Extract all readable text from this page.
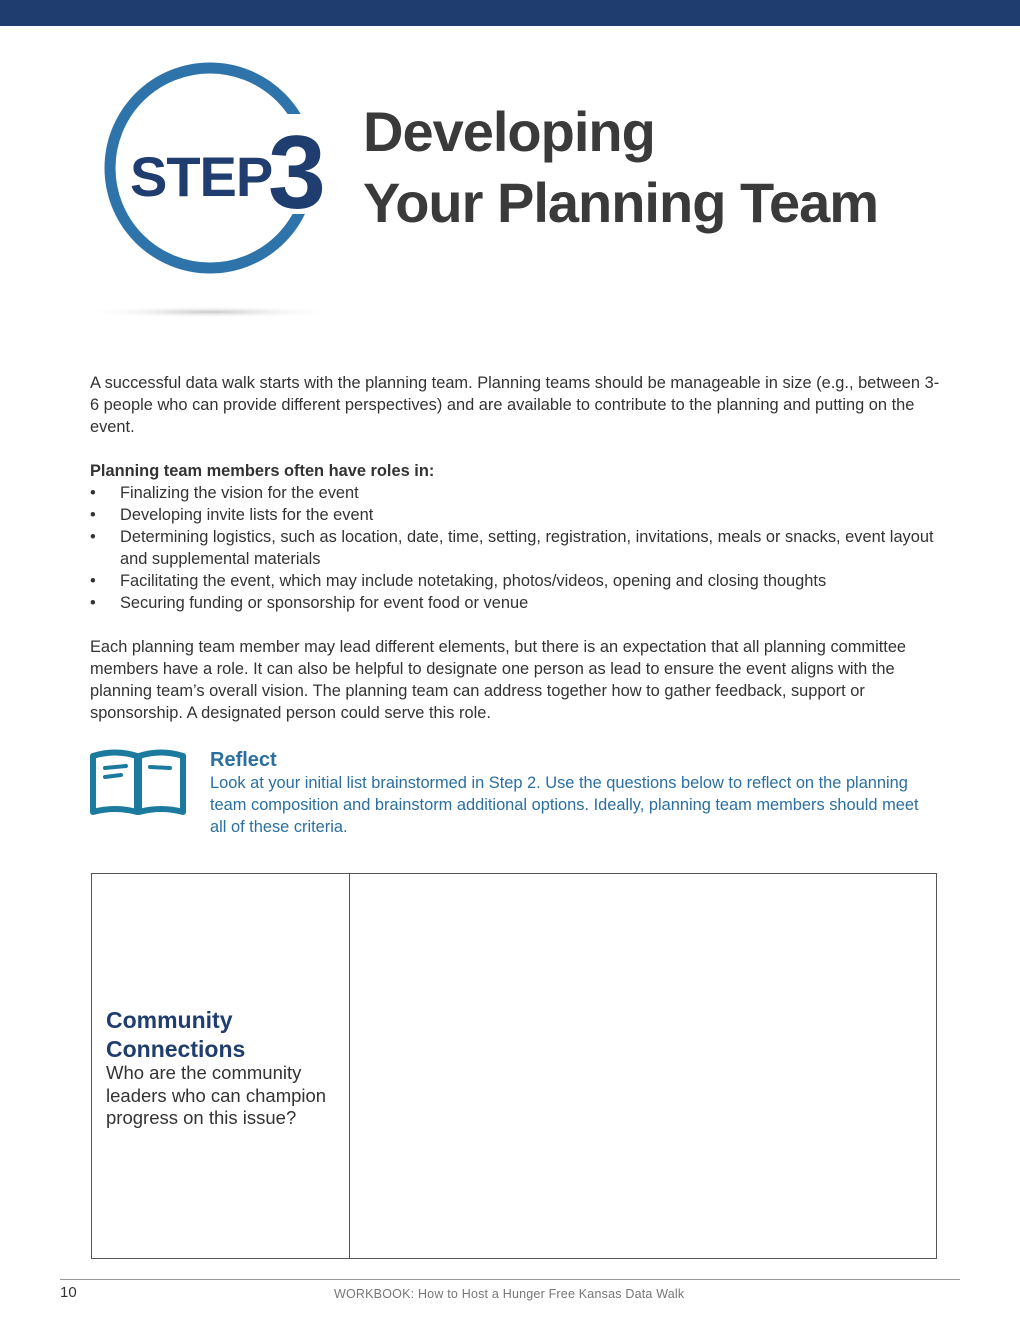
STEP
3 Developing
Your Planning Team
A successful data walk starts with the planning team. Planning teams should be manageable in size (e.g., between 3-6 people who can provide different perspectives) and are available to contribute to the planning and putting on the event.
Planning team members often have roles in:
• Finalizing the vision for the event
• Developing invite lists for the event
• Determining logistics, such as location, date, time, setting, registration, invitations, meals or snacks, event layout and supplemental materials
• Facilitating the event, which may include notetaking, photos/videos, opening and closing thoughts
• Securing funding or sponsorship for event food or venue
Each planning team member may lead different elements, but there is an expectation that all planning committee members have a role. It can also be helpful to designate one person as lead to ensure the event aligns with the planning team’s overall vision. The planning team can address together how to gather feedback, support or sponsorship. A designated person could serve this role.
Reflect
Look at your initial list brainstormed in Step 2. Use the questions below to reflect on the planning team composition and brainstorm additional options. Ideally, planning team members should meet all of these criteria.
Community Connections
Who are the community leaders who can champion progress on this issue?
10	WORKBOOK: How to Host a Hunger Free Kansas Data Walk
